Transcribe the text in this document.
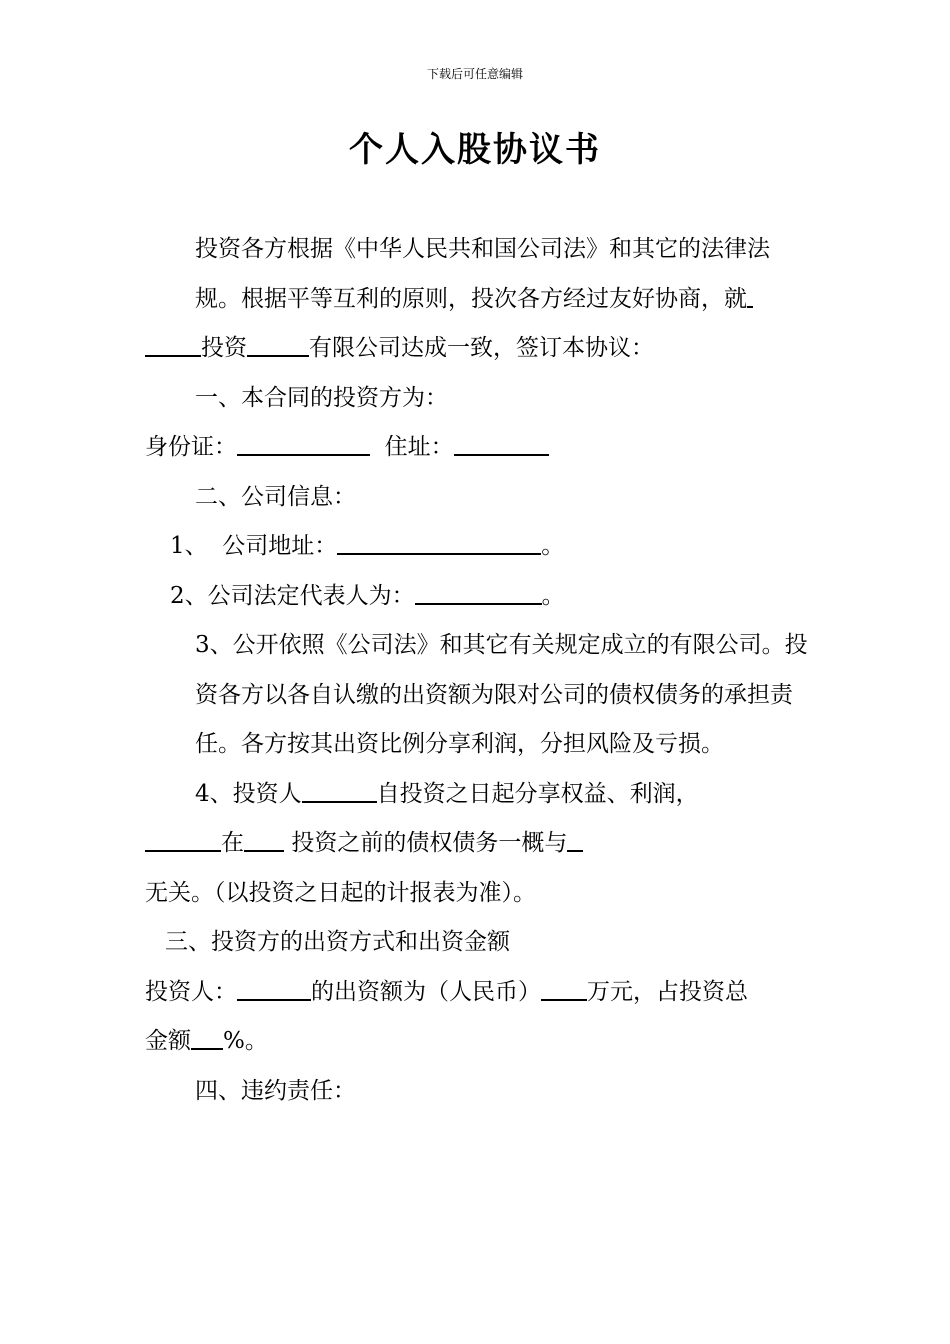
下载后可任意编辑
个人入股协议书

投资各方根据《中华人民共和国公司法》和其它的法律法规。根据平等互利的原则，投次各方经过友好协商，就

投资	有限公司达成一致，签订本协议：

一、本合同的投资方为：

身份证：	住址：

二、公司信息：

1、 公司地址：	。

2、公司法定代表人为：	。

3、公开依照《公司法》和其它有关规定成立的有限公司。投资各方以各自认缴的出资额为限对公司的债权债务的承担责任。各方按其出资比例分享利润，分担风险及亏损。

4、投资人	自投资之日起分享权益、利润，

在 投资之前的债权债务一概与

无关。（以投资之日起的计报表为准）。

三、投资方的出资方式和出资金额

投资人：	的出资额为（人民币） 万元，占投资总

金额 %。

四、违约责任：
